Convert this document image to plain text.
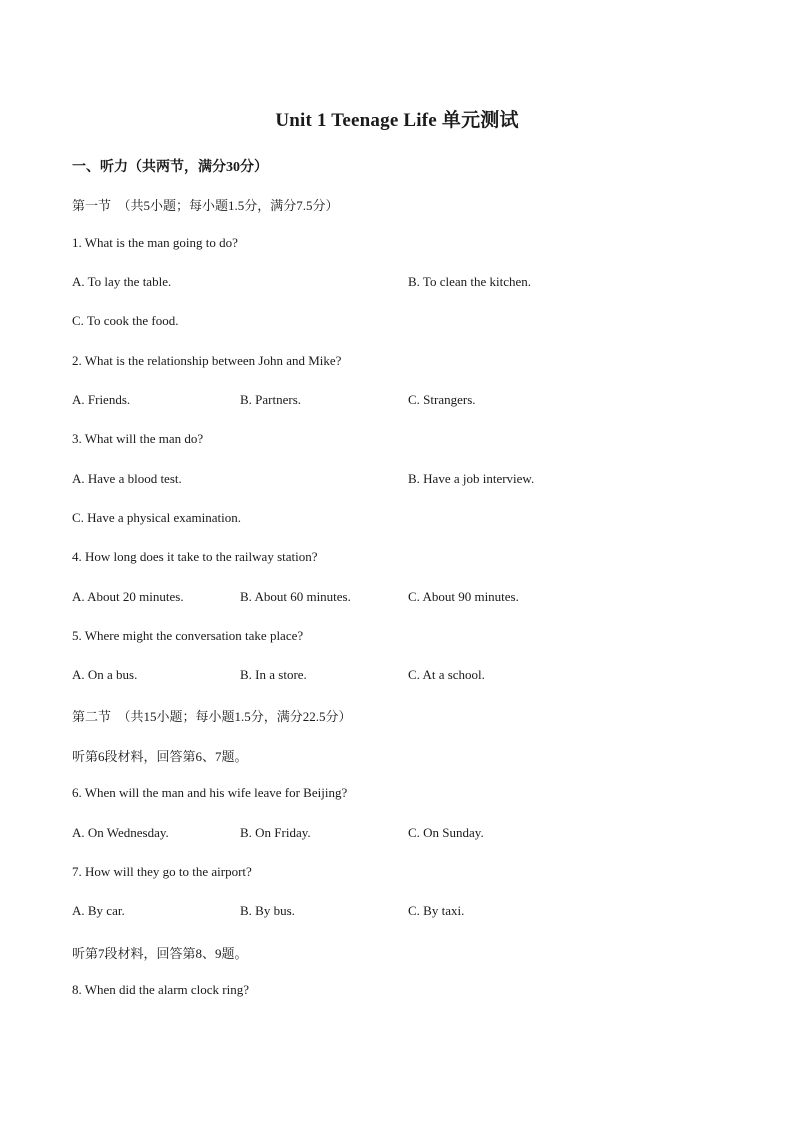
Unit 1 Teenage Life 单元测试
一、听力（共两节，满分30分）
第一节　（共5小题；每小题1.5分，满分7.5分）
1. What is the man going to do?
A. To lay the table.	B. To clean the kitchen.
C. To cook the food.
2. What is the relationship between John and Mike?
A. Friends.	B. Partners.	C. Strangers.
3. What will the man do?
A. Have a blood test.	B. Have a job interview.
C. Have a physical examination.
4. How long does it take to the railway station?
A. About 20 minutes.	B. About 60 minutes.	C. About 90 minutes.
5. Where might the conversation take place?
A. On a bus.	B. In a store.	C. At a school.
第二节　（共15小题；每小题1.5分，满分22.5分）
听第6段材料，回答第6、7题。
6. When will the man and his wife leave for Beijing?
A. On Wednesday.	B. On Friday.	C. On Sunday.
7. How will they go to the airport?
A. By car.	B. By bus.	C. By taxi.
听第7段材料，回答第8、9题。
8. When did the alarm clock ring?
